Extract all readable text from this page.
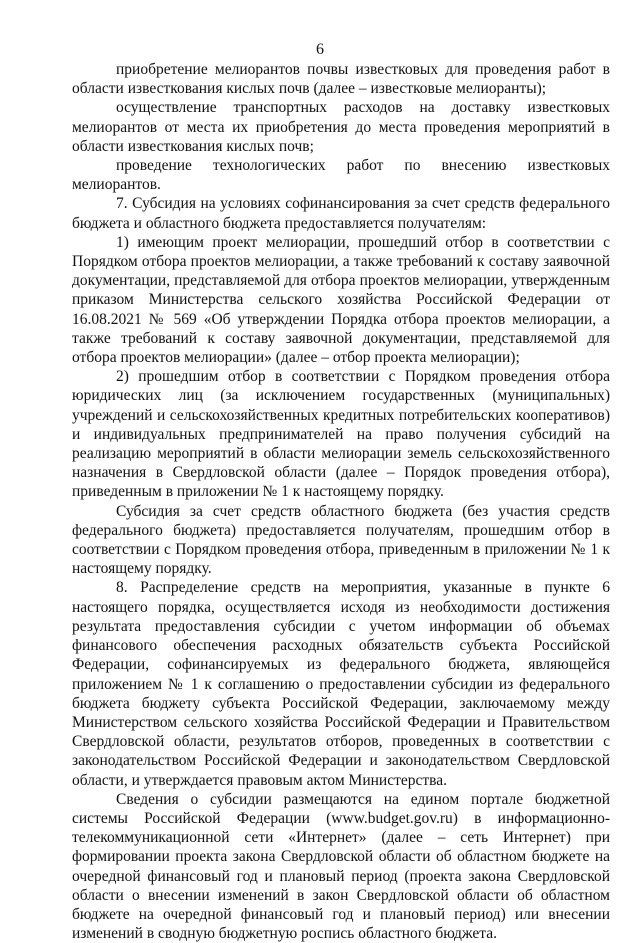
6

приобретение мелиорантов почвы известковых для проведения работ в области известкования кислых почв (далее – известковые мелиоранты);

осуществление транспортных расходов на доставку известковых мелиорантов от места их приобретения до места проведения мероприятий в области известкования кислых почв;

проведение технологических работ по внесению известковых мелиорантов.

7. Субсидия на условиях софинансирования за счет средств федерального бюджета и областного бюджета предоставляется получателям:

1) имеющим проект мелиорации, прошедший отбор в соответствии с Порядком отбора проектов мелиорации, а также требований к составу заявочной документации, представляемой для отбора проектов мелиорации, утвержденным приказом Министерства сельского хозяйства Российской Федерации от 16.08.2021 № 569 «Об утверждении Порядка отбора проектов мелиорации, а также требований к составу заявочной документации, представляемой для отбора проектов мелиорации» (далее – отбор проекта мелиорации);

2) прошедшим отбор в соответствии с Порядком проведения отбора юридических лиц (за исключением государственных (муниципальных) учреждений и сельскохозяйственных кредитных потребительских кооперативов) и индивидуальных предпринимателей на право получения субсидий на реализацию мероприятий в области мелиорации земель сельскохозяйственного назначения в Свердловской области (далее – Порядок проведения отбора), приведенным в приложении № 1 к настоящему порядку.

Субсидия за счет средств областного бюджета (без участия средств федерального бюджета) предоставляется получателям, прошедшим отбор в соответствии с Порядком проведения отбора, приведенным в приложении № 1 к настоящему порядку.

8. Распределение средств на мероприятия, указанные в пункте 6 настоящего порядка, осуществляется исходя из необходимости достижения результата предоставления субсидии с учетом информации об объемах финансового обеспечения расходных обязательств субъекта Российской Федерации, софинансируемых из федерального бюджета, являющейся приложением № 1 к соглашению о предоставлении субсидии из федерального бюджета бюджету субъекта Российской Федерации, заключаемому между Министерством сельского хозяйства Российской Федерации и Правительством Свердловской области, результатов отборов, проведенных в соответствии с законодательством Российской Федерации и законодательством Свердловской области, и утверждается правовым актом Министерства.

Сведения о субсидии размещаются на едином портале бюджетной системы Российской Федерации (www.budget.gov.ru) в информационно-телекоммуникационной сети «Интернет» (далее – сеть Интернет) при формировании проекта закона Свердловской области об областном бюджете на очередной финансовый год и плановый период (проекта закона Свердловской области о внесении изменений в закон Свердловской области об областном бюджете на очередной финансовый год и плановый период) или внесении изменений в сводную бюджетную роспись областного бюджета.
